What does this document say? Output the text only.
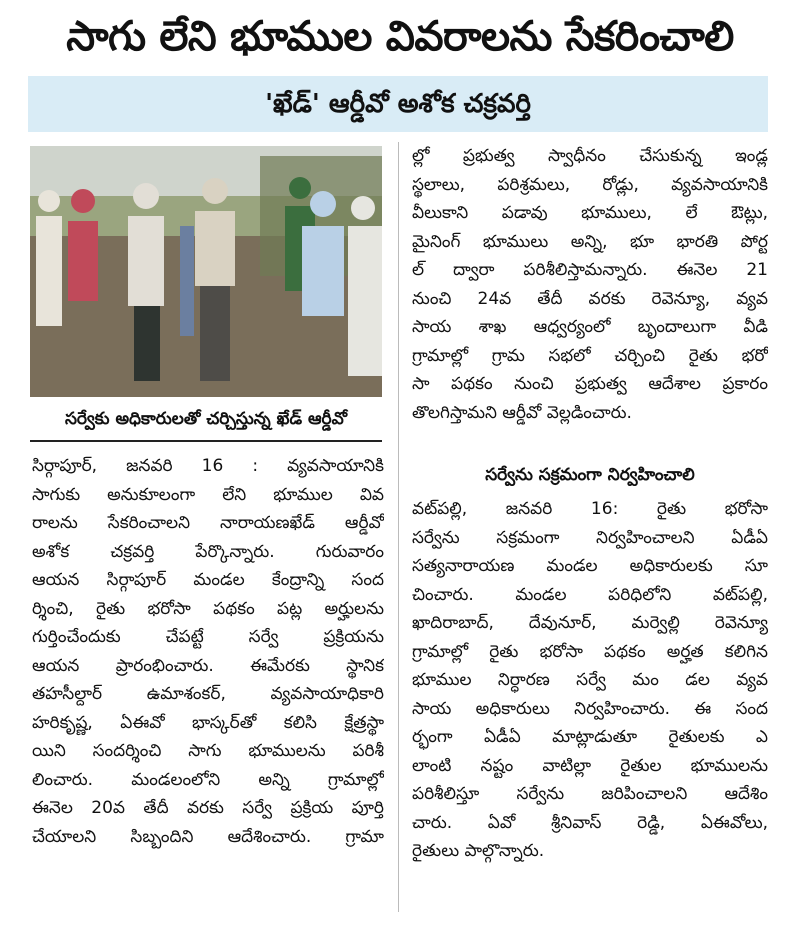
సాగు లేని భూముల వివరాలను సేకరించాలి
'ఖేడ్' ఆర్డీవో అశోక చక్రవర్తి
సర్వేకు అధికారులతో చర్చిస్తున్న ఖేడ్ ఆర్డీవో
సిర్గాపూర్, జనవరి 16 : వ్యవసాయానికి
సాగుకు అనుకూలంగా లేని భూముల వివ
రాలను సేకరించాలని నారాయణఖేడ్ ఆర్డీవో
అశోక చక్రవర్తి పేర్కొన్నారు. గురువారం
ఆయన సిర్గాపూర్ మండల కేంద్రాన్ని సంద
ర్శించి, రైతు భరోసా పథకం పట్ల అర్హులను
గుర్తించేందుకు చేపట్టే సర్వే ప్రక్రియను
ఆయన ప్రారంభించారు. ఈమేరకు స్థానిక
తహసీల్దార్ ఉమాశంకర్, వ్యవసాయాధికారి
హరికృష్ణ, ఏఈవో భాస్కర్‌తో కలిసి క్షేత్రస్థా
యిని సందర్శించి సాగు భూములను పరిశీ
లించారు. మండలంలోని అన్ని గ్రామాల్లో
ఈనెల 20వ తేదీ వరకు సర్వే ప్రక్రియ పూర్తి
చేయాలని సిబ్బందిని ఆదేశించారు. గ్రామా
ల్లో ప్రభుత్వ స్వాధీనం చేసుకున్న ఇండ్ల
స్థలాలు, పరిశ్రమలు, రోడ్లు, వ్యవసాయానికి
వీలుకాని పడావు భూములు, లే ఔట్లు,
మైనింగ్ భూములు అన్ని, భూ భారతి పోర్ట
ల్ ద్వారా పరిశీలిస్తామన్నారు. ఈనెల 21
నుంచి 24వ తేదీ వరకు రెవెన్యూ, వ్యవ
సాయ శాఖ ఆధ్వర్యంలో బృందాలుగా వీడి
గ్రామాల్లో గ్రామ సభలో చర్చించి రైతు భరో
సా పథకం నుంచి ప్రభుత్వ ఆదేశాల ప్రకారం
తొలగిస్తామని ఆర్డీవో వెల్లడించారు.
సర్వేను సక్రమంగా నిర్వహించాలి
వట్‌పల్లి, జనవరి 16: రైతు భరోసా
సర్వేను సక్రమంగా నిర్వహించాలని ఏడీఏ
సత్యనారాయణ మండల అధికారులకు సూ
చించారు. మండల పరిధిలోని వట్‌పల్లి,
ఖాదిరాబాద్, దేవునూర్, మర్వెల్లి రెవెన్యూ
గ్రామాల్లో రైతు భరోసా పథకం అర్హత కలిగిన
భూముల నిర్ధారణ సర్వే మం డల వ్యవ
సాయ అధికారులు నిర్వహించారు. ఈ సంద
ర్భంగా ఏడీఏ మాట్లాడుతూ రైతులకు ఎ
లాంటి నష్టం వాటిల్లా రైతుల భూములను
పరిశీలిస్తూ సర్వేను జరిపించాలని ఆదేశిం
చారు. ఏవో శ్రీనివాస్ రెడ్డి, ఏఈవోలు,
రైతులు పాల్గొన్నారు.
